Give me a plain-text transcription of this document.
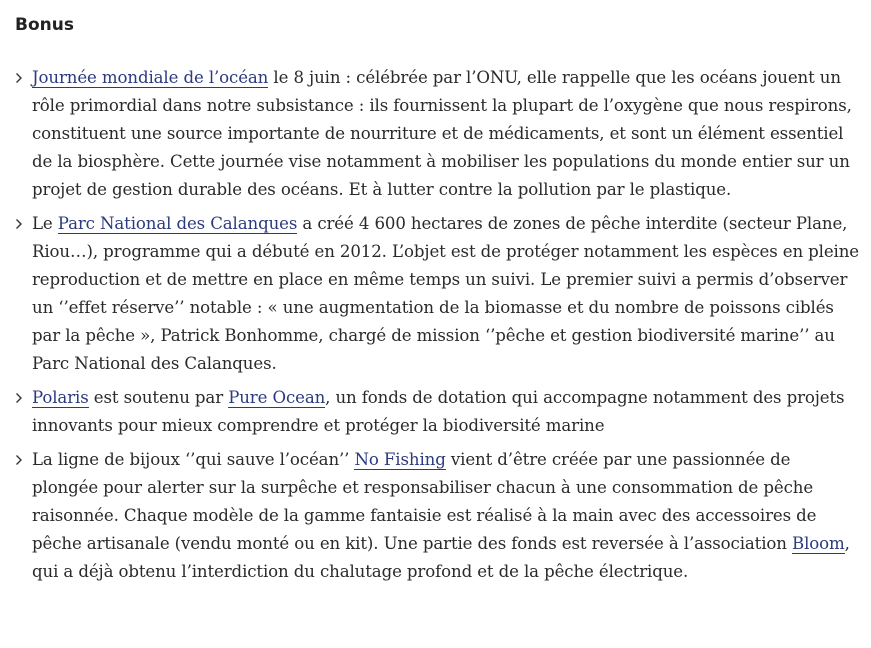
Bonus
Journée mondiale de l’océan le 8 juin : célébrée par l’ONU, elle rappelle que les océans jouent un rôle primordial dans notre subsistance : ils fournissent la plupart de l’oxygène que nous respirons, constituent une source importante de nourriture et de médicaments, et sont un élément essentiel de la biosphère. Cette journée vise notamment à mobiliser les populations du monde entier sur un projet de gestion durable des océans. Et à lutter contre la pollution par le plastique.
Le Parc National des Calanques a créé 4 600 hectares de zones de pêche interdite (secteur Plane, Riou…), programme qui a débuté en 2012. L’objet est de protéger notamment les espèces en pleine reproduction et de mettre en place en même temps un suivi. Le premier suivi a permis d’observer un ‘’effet réserve’’ notable : « une augmentation de la biomasse et du nombre de poissons ciblés par la pêche », Patrick Bonhomme, chargé de mission ‘’pêche et gestion biodiversité marine’’ au Parc National des Calanques.
Polaris est soutenu par Pure Ocean, un fonds de dotation qui accompagne notamment des projets innovants pour mieux comprendre et protéger la biodiversité marine
La ligne de bijoux ‘’qui sauve l’océan’’ No Fishing vient d’être créée par une passionnée de plongée pour alerter sur la surpêche et responsabiliser chacun à une consommation de pêche raisonnée. Chaque modèle de la gamme fantaisie est réalisé à la main avec des accessoires de pêche artisanale (vendu monté ou en kit). Une partie des fonds est reversée à l’association Bloom, qui a déjà obtenu l’interdiction du chalutage profond et de la pêche électrique.
